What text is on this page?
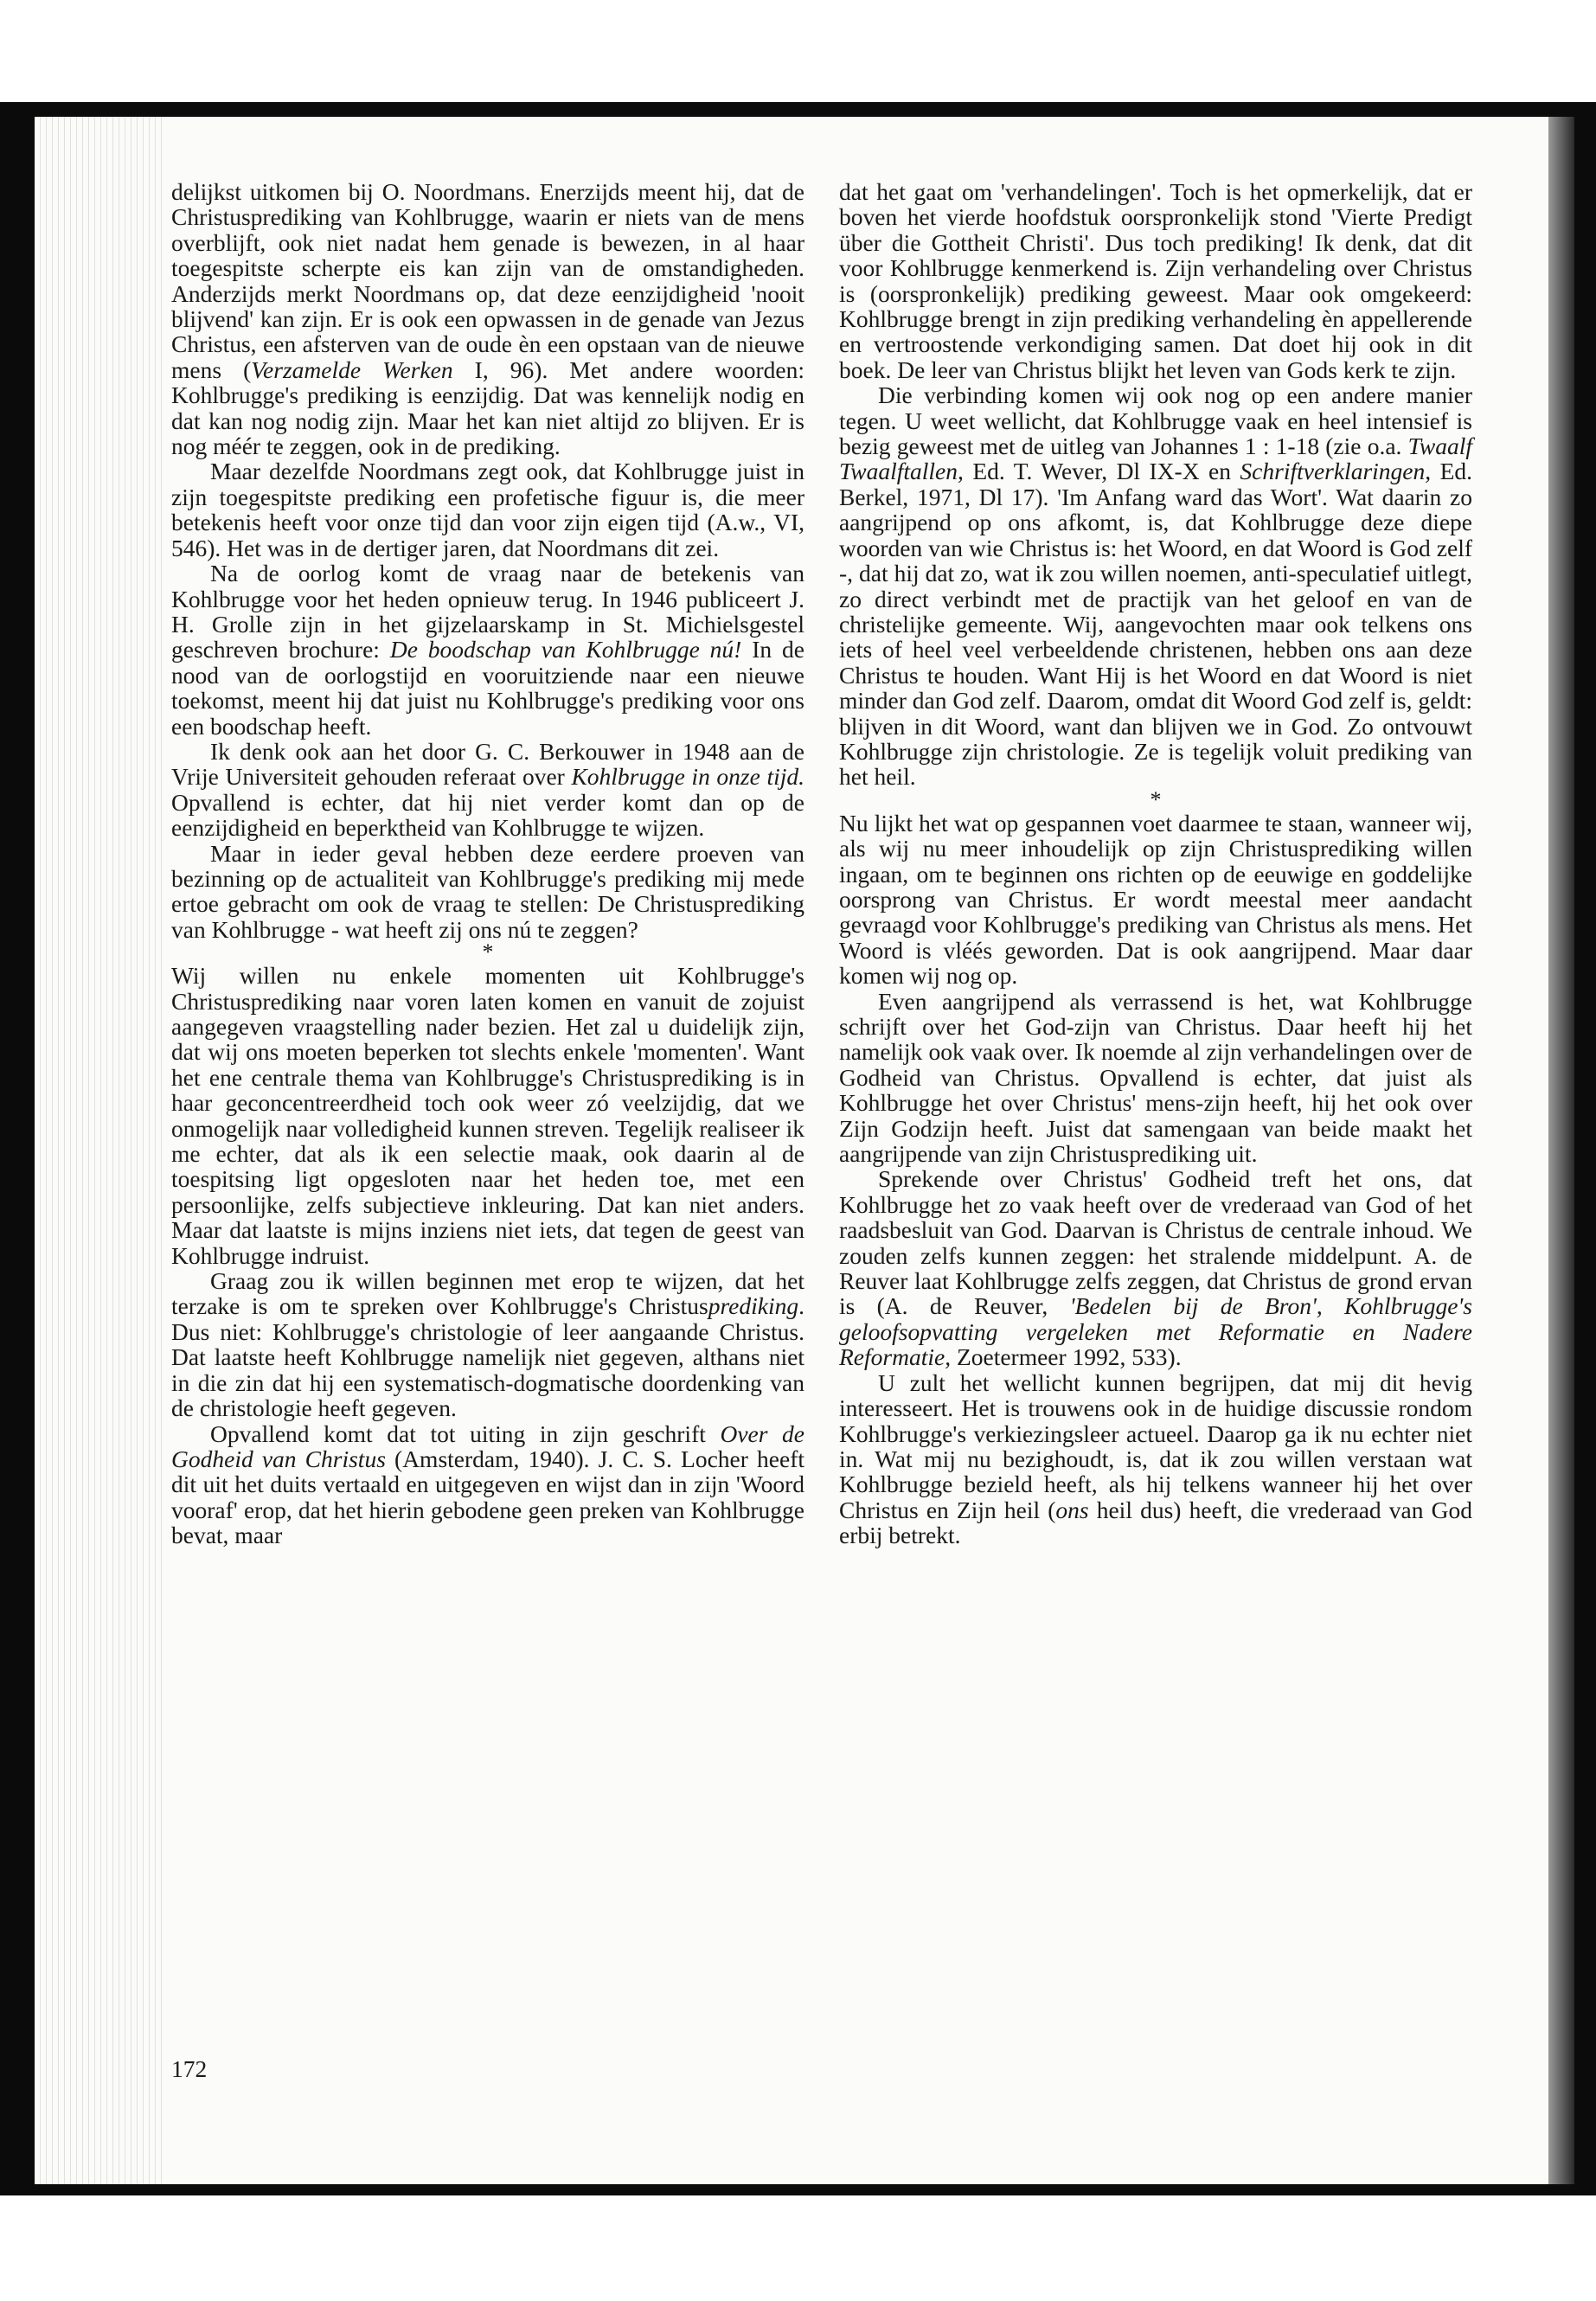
delijkst uitkomen bij O. Noordmans. Enerzijds meent hij, dat de Christusprediking van Kohlbrugge, waarin er niets van de mens overblijft, ook niet nadat hem genade is bewezen, in al haar toegespitste scherpte eis kan zijn van de omstandigheden. Anderzijds merkt Noordmans op, dat deze eenzijdigheid 'nooit blijvend' kan zijn. Er is ook een opwassen in de genade van Jezus Christus, een afsterven van de oude èn een opstaan van de nieuwe mens (Verzamelde Werken I, 96). Met andere woorden: Kohlbrugge's prediking is eenzijdig. Dat was kennelijk nodig en dat kan nog nodig zijn. Maar het kan niet altijd zo blijven. Er is nog méér te zeggen, ook in de prediking.

Maar dezelfde Noordmans zegt ook, dat Kohlbrugge juist in zijn toegespitste prediking een profetische figuur is, die meer betekenis heeft voor onze tijd dan voor zijn eigen tijd (A.w., VI, 546). Het was in de dertiger jaren, dat Noordmans dit zei.

Na de oorlog komt de vraag naar de betekenis van Kohlbrugge voor het heden opnieuw terug. In 1946 publiceert J. H. Grolle zijn in het gijzelaarskamp in St. Michielsgestel geschreven brochure: De boodschap van Kohlbrugge nú! In de nood van de oorlogstijd en vooruitziende naar een nieuwe toekomst, meent hij dat juist nu Kohlbrugge's prediking voor ons een boodschap heeft.

Ik denk ook aan het door G. C. Berkouwer in 1948 aan de Vrije Universiteit gehouden referaat over Kohlbrugge in onze tijd. Opvallend is echter, dat hij niet verder komt dan op de eenzijdigheid en beperktheid van Kohlbrugge te wijzen.

Maar in ieder geval hebben deze eerdere proeven van bezinning op de actualiteit van Kohlbrugge's prediking mij mede ertoe gebracht om ook de vraag te stellen: De Christusprediking van Kohlbrugge - wat heeft zij ons nú te zeggen?

*

Wij willen nu enkele momenten uit Kohlbrugge's Christusprediking naar voren laten komen en vanuit de zojuist aangegeven vraagstelling nader bezien. Het zal u duidelijk zijn, dat wij ons moeten beperken tot slechts enkele 'momenten'. Want het ene centrale thema van Kohlbrugge's Christusprediking is in haar geconcentreerdheid toch ook weer zó veelzijdig, dat we onmogelijk naar volledigheid kunnen streven. Tegelijk realiseer ik me echter, dat als ik een selectie maak, ook daarin al de toespitsing ligt opgesloten naar het heden toe, met een persoonlijke, zelfs subjectieve inkleuring. Dat kan niet anders. Maar dat laatste is mijns inziens niet iets, dat tegen de geest van Kohlbrugge indruist.

Graag zou ik willen beginnen met erop te wijzen, dat het terzake is om te spreken over Kohlbrugge's Christusprediking. Dus niet: Kohlbrugge's christologie of leer aangaande Christus. Dat laatste heeft Kohlbrugge namelijk niet gegeven, althans niet in die zin dat hij een systematisch-dogmatische doordenking van de christologie heeft gegeven.

Opvallend komt dat tot uiting in zijn geschrift Over de Godheid van Christus (Amsterdam, 1940). J. C. S. Locher heeft dit uit het duits vertaald en uitgegeven en wijst dan in zijn 'Woord vooraf' erop, dat het hierin gebodene geen preken van Kohlbrugge bevat, maar

172

dat het gaat om 'verhandelingen'. Toch is het opmerkelijk, dat er boven het vierde hoofdstuk oorspronkelijk stond 'Vierte Predigt über die Gottheit Christi'. Dus toch prediking! Ik denk, dat dit voor Kohlbrugge kenmerkend is. Zijn verhandeling over Christus is (oorspronkelijk) prediking geweest. Maar ook omgekeerd: Kohlbrugge brengt in zijn prediking verhandeling èn appellerende en vertroostende verkondiging samen. Dat doet hij ook in dit boek. De leer van Christus blijkt het leven van Gods kerk te zijn.

Die verbinding komen wij ook nog op een andere manier tegen. U weet wellicht, dat Kohlbrugge vaak en heel intensief is bezig geweest met de uitleg van Johannes 1 : 1-18 (zie o.a. Twaalf Twaalftallen, Ed. T. Wever, Dl IX-X en Schriftverklaringen, Ed. Berkel, 1971, Dl 17). 'Im Anfang ward das Wort'. Wat daarin zo aangrijpend op ons afkomt, is, dat Kohlbrugge deze diepe woorden van wie Christus is: het Woord, en dat Woord is God zelf -, dat hij dat zo, wat ik zou willen noemen, anti-speculatief uitlegt, zo direct verbindt met de practijk van het geloof en van de christelijke gemeente. Wij, aangevochten maar ook telkens ons iets of heel veel verbeeldende christenen, hebben ons aan deze Christus te houden. Want Hij is het Woord en dat Woord is niet minder dan God zelf. Daarom, omdat dit Woord God zelf is, geldt: blijven in dit Woord, want dan blijven we in God. Zo ontvouwt Kohlbrugge zijn christologie. Ze is tegelijk voluit prediking van het heil.

*

Nu lijkt het wat op gespannen voet daarmee te staan, wanneer wij, als wij nu meer inhoudelijk op zijn Christusprediking willen ingaan, om te beginnen ons richten op de eeuwige en goddelijke oorsprong van Christus. Er wordt meestal meer aandacht gevraagd voor Kohlbrugge's prediking van Christus als mens. Het Woord is vléés geworden. Dat is ook aangrijpend. Maar daar komen wij nog op.

Even aangrijpend als verrassend is het, wat Kohlbrugge schrijft over het God-zijn van Christus. Daar heeft hij het namelijk ook vaak over. Ik noemde al zijn verhandelingen over de Godheid van Christus. Opvallend is echter, dat juist als Kohlbrugge het over Christus' mens-zijn heeft, hij het ook over Zijn Godzijn heeft. Juist dat samengaan van beide maakt het aangrijpende van zijn Christusprediking uit.

Sprekende over Christus' Godheid treft het ons, dat Kohlbrugge het zo vaak heeft over de vrederaad van God of het raadsbesluit van God. Daarvan is Christus de centrale inhoud. We zouden zelfs kunnen zeggen: het stralende middelpunt. A. de Reuver laat Kohlbrugge zelfs zeggen, dat Christus de grond ervan is (A. de Reuver, 'Bedelen bij de Bron', Kohlbrugge's geloofsopvatting vergeleken met Reformatie en Nadere Reformatie, Zoetermeer 1992, 533).

U zult het wellicht kunnen begrijpen, dat mij dit hevig interesseert. Het is trouwens ook in de huidige discussie rondom Kohlbrugge's verkiezingsleer actueel. Daarop ga ik nu echter niet in. Wat mij nu bezighoudt, is, dat ik zou willen verstaan wat Kohlbrugge bezield heeft, als hij telkens wanneer hij het over Christus en Zijn heil (ons heil dus) heeft, die vrederaad van God erbij betrekt.
